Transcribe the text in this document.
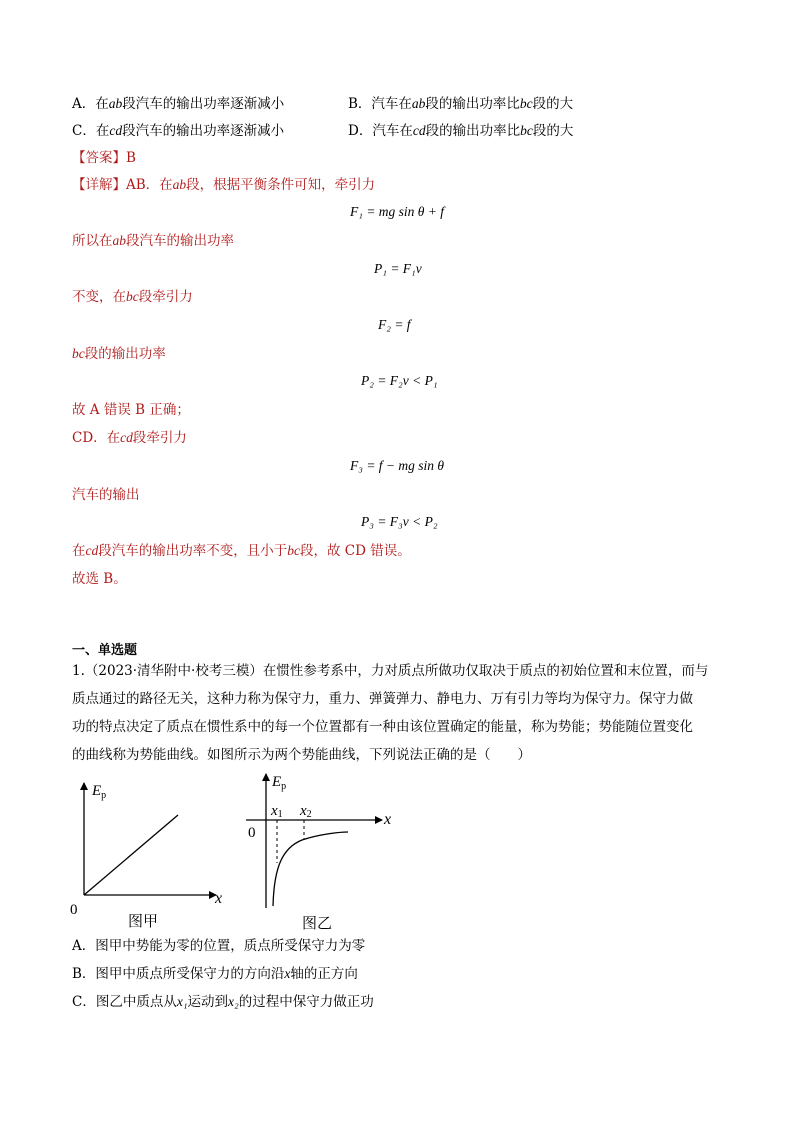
A．在ab段汽车的输出功率逐渐减小	B．汽车在ab段的输出功率比bc段的大
C．在cd段汽车的输出功率逐渐减小	D．汽车在cd段的输出功率比bc段的大
【答案】B
【详解】AB．在ab段，根据平衡条件可知，牵引力
F₁ = mg sin θ + f
所以在ab段汽车的输出功率
P₁ = F₁v
不变，在bc段牵引力
F₂ = f
bc段的输出功率
P₂ = F₂v < P₁
故 A 错误 B 正确；
CD．在cd段牵引力
F₃ = f − mg sin θ
汽车的输出
P₃ = F₃v < P₂
在cd段汽车的输出功率不变，且小于bc段，故 CD 错误。
故选 B。
一、单选题
1.（2023·清华附中·校考三模）在惯性参考系中，力对质点所做功仅取决于质点的初始位置和末位置，而与
质点通过的路径无关，这种力称为保守力，重力、弹簧弹力、静电力、万有引力等均为保守力。保守力做
功的特点决定了质点在惯性系中的每一个位置都有一种由该位置确定的能量，称为势能；势能随位置变化
的曲线称为势能曲线。如图所示为两个势能曲线，下列说法正确的是（　　）
$E_p$
x
0
图甲
$E_p$
x
0
x1 x2
图乙
A．图甲中势能为零的位置，质点所受保守力为零
B．图甲中质点所受保守力的方向沿x轴的正方向
C．图乙中质点从x₁运动到x₂的过程中保守力做正功
